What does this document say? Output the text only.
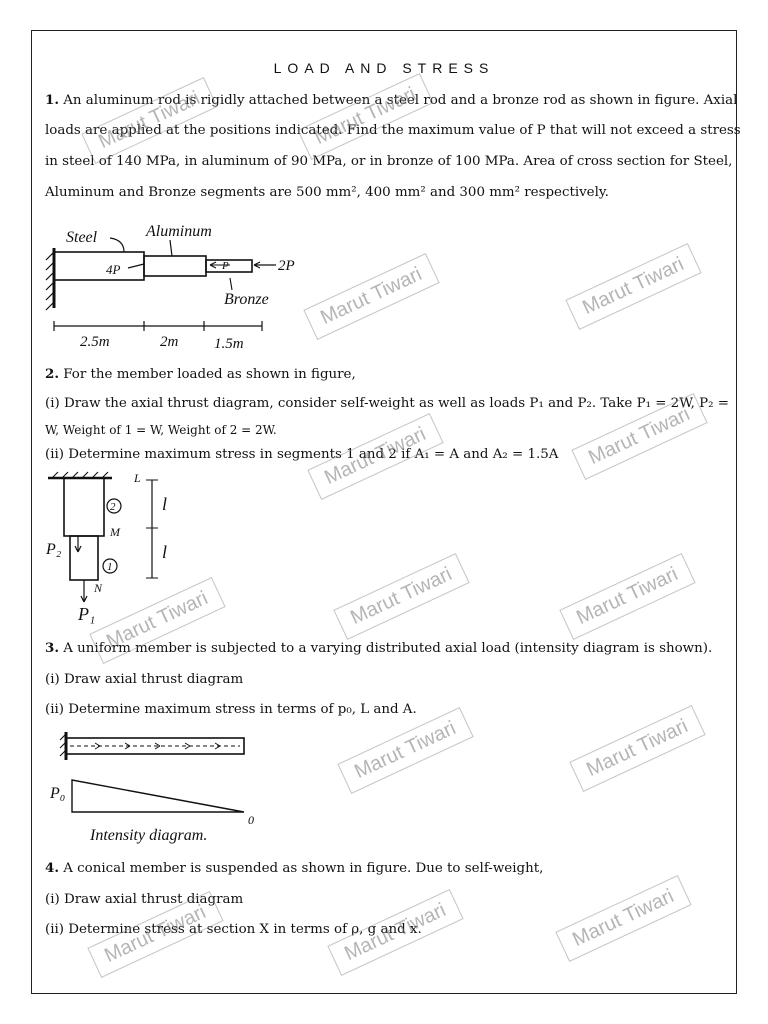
LOAD AND STRESS
1. An aluminum rod is rigidly attached between a steel rod and a bronze rod as shown in figure. Axial
loads are applied at the positions indicated. Find the maximum value of P that will not exceed a stress
in steel of 140 MPa, in aluminum of 90 MPa, or in bronze of 100 MPa. Area of cross section for Steel,
Aluminum and Bronze segments are 500 mm², 400 mm² and 300 mm² respectively.
Steel	Aluminum
4P	P	2P
Bronze
2.5m	2m 1.5m
2. For the member loaded as shown in figure,
(i) Draw the axial thrust diagram, consider self-weight as well as loads P₁ and P₂. Take P₁ = 2W, P₂ =
W, Weight of 1 = W, Weight of 2 = 2W.
(ii) Determine maximum stress in segments 1 and 2 if A₁ = A and A₂ = 1.5A
L
2
1
M
N
P₂
P₁
l
l
3. A uniform member is subjected to a varying distributed axial load (intensity diagram is shown).
(i) Draw axial thrust diagram
(ii) Determine maximum stress in terms of p₀, L and A.
P₀
0
Intensity diagram.
4. A conical member is suspended as shown in figure. Due to self-weight,
(i) Draw axial thrust diagram
(ii) Determine stress at section X in terms of ρ, g and x.
Marut Tiwari
Marut Tiwari
Marut Tiwari	Marut Tiwari
Marut Tiwari	Marut Tiwari
Marut Tiwari	Marut Tiwari	Marut Tiwari
Marut Tiwari	Marut Tiwari
Marut Tiwari	Marut Tiwari	Marut Tiwari
